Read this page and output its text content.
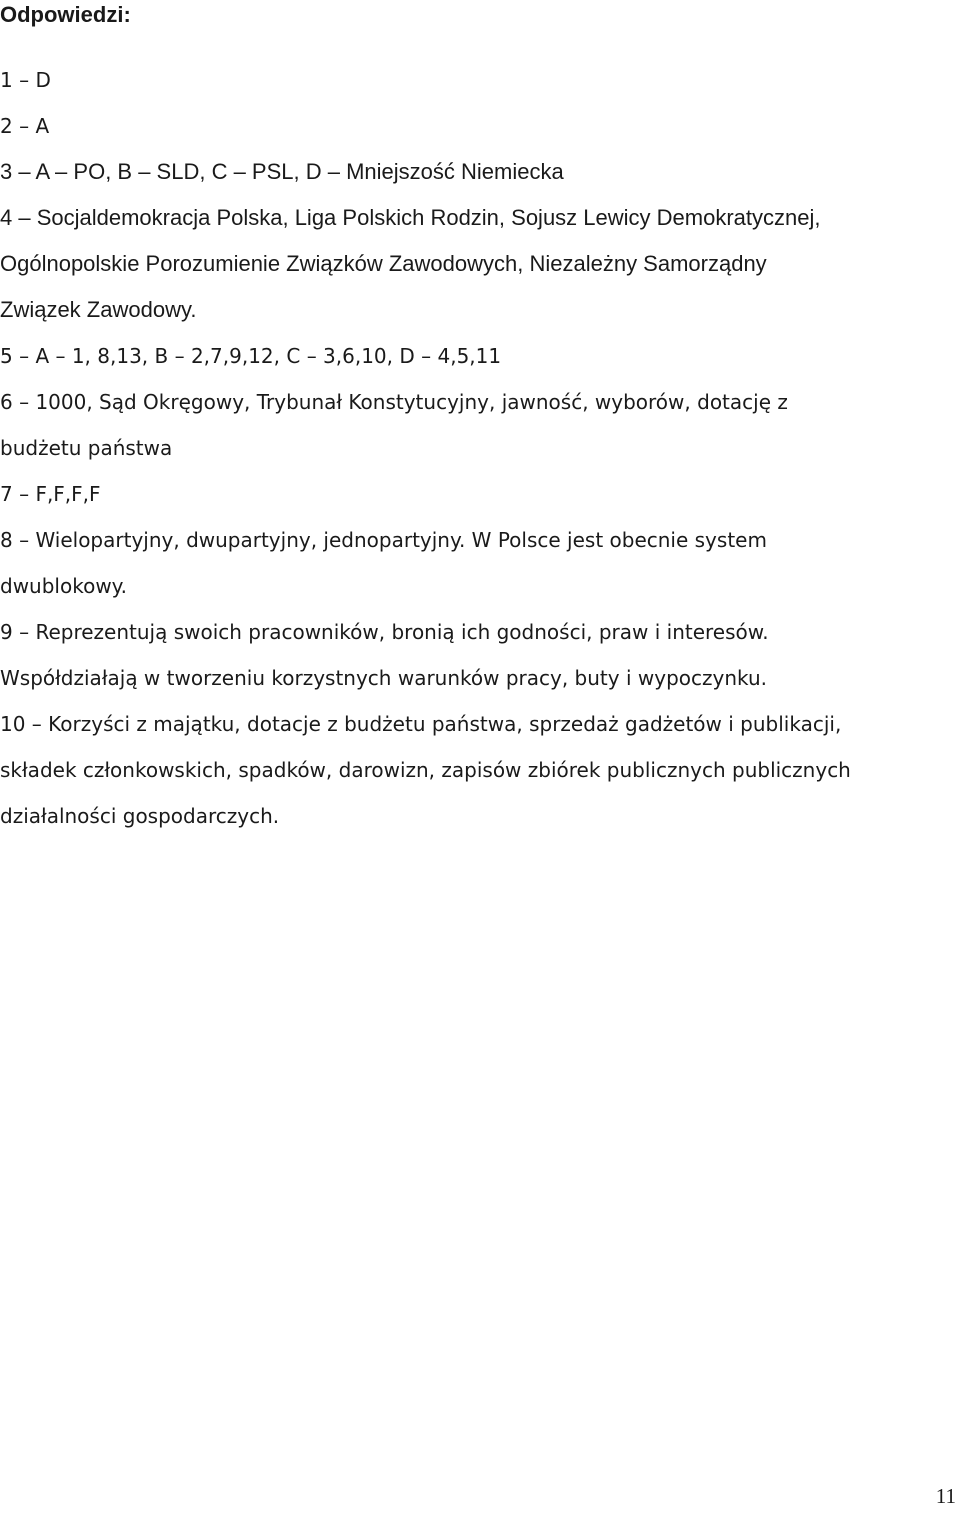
Odpowiedzi:
1 – D
2 – A
3 – A – PO, B – SLD, C – PSL, D – Mniejszość Niemiecka
4 – Socjaldemokracja Polska, Liga Polskich Rodzin, Sojusz Lewicy Demokratycznej,
Ogólnopolskie Porozumienie Związków Zawodowych, Niezależny Samorządny
Związek Zawodowy.
5 – A – 1, 8,13, B – 2,7,9,12, C – 3,6,10, D – 4,5,11
6 – 1000, Sąd Okręgowy, Trybunał Konstytucyjny, jawność, wyborów, dotację z
budżetu państwa
7 – F,F,F,F
8 – Wielopartyjny, dwupartyjny, jednopartyjny. W Polsce jest obecnie system
dwublokowy.
9 – Reprezentują swoich pracowników, bronią ich godności, praw i interesów.
Współdziałają w tworzeniu korzystnych warunków pracy, buty i wypoczynku.
10 – Korzyści z majątku, dotacje z budżetu państwa, sprzedaż gadżetów i publikacji,
składek członkowskich, spadków, darowizn, zapisów zbiórek publicznych publicznych
działalności gospodarczych.
11
